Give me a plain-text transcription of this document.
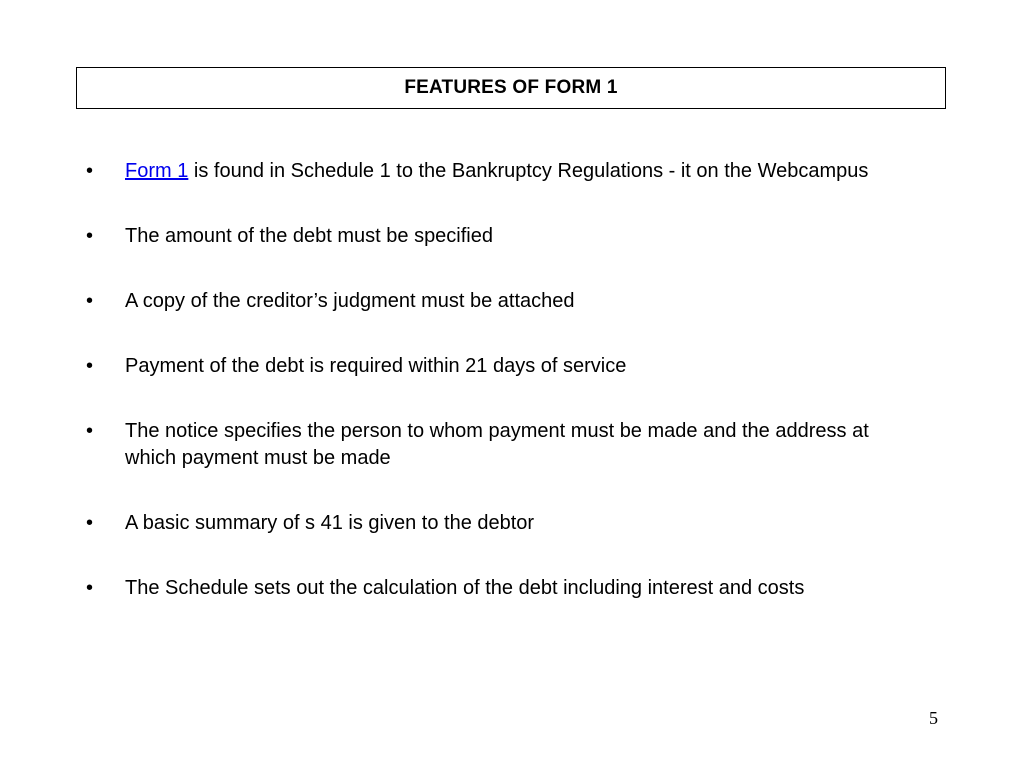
FEATURES OF FORM 1
•	Form 1 is found in Schedule 1 to the Bankruptcy Regulations - it on the Webcampus
•	The amount of the debt must be specified
•	A copy of the creditor’s judgment must be attached
•	Payment of the debt is required within 21 days of service
•	The notice specifies the person to whom payment must be made and the address at which payment must be made
•	A basic summary of s 41 is given to the debtor
•	The Schedule sets out the calculation of the debt including interest and costs
5
